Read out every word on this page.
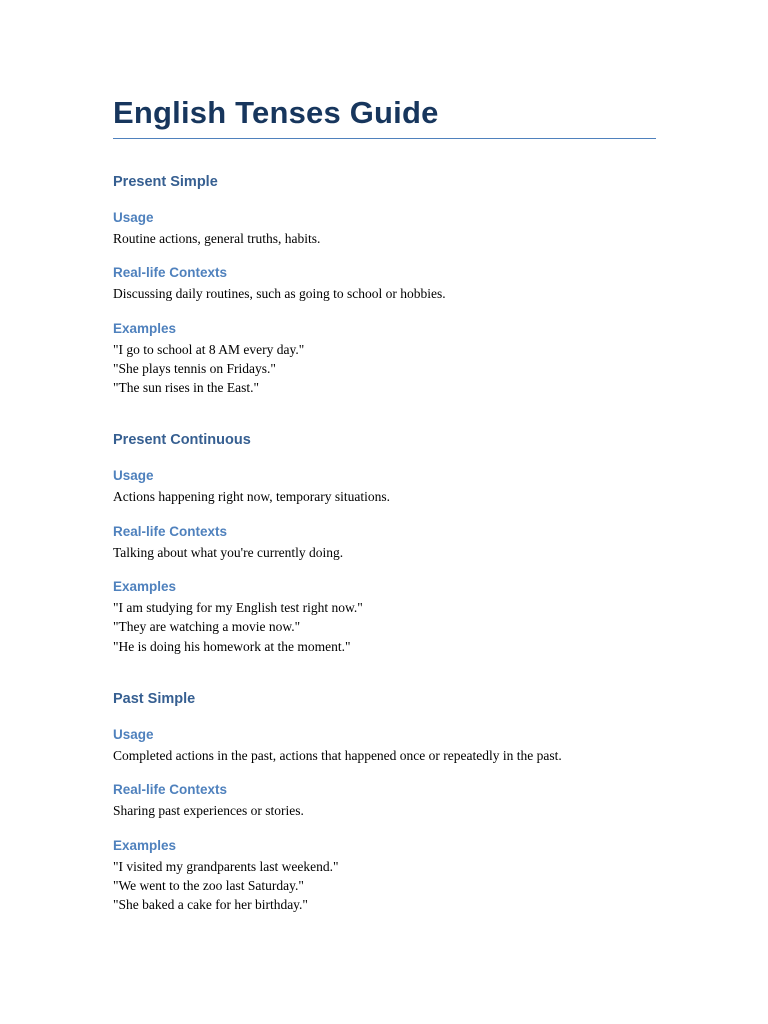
English Tenses Guide
Present Simple
Usage

Routine actions, general truths, habits.

Real-life Contexts

Discussing daily routines, such as going to school or hobbies.

Examples
"I go to school at 8 AM every day."
"She plays tennis on Fridays."
"The sun rises in the East."
Present Continuous
Usage

Actions happening right now, temporary situations.

Real-life Contexts

Talking about what you're currently doing.

Examples
"I am studying for my English test right now."
"They are watching a movie now."
"He is doing his homework at the moment."
Past Simple
Usage

Completed actions in the past, actions that happened once or repeatedly in the past.

Real-life Contexts

Sharing past experiences or stories.

Examples
"I visited my grandparents last weekend."
"We went to the zoo last Saturday."
"She baked a cake for her birthday."
